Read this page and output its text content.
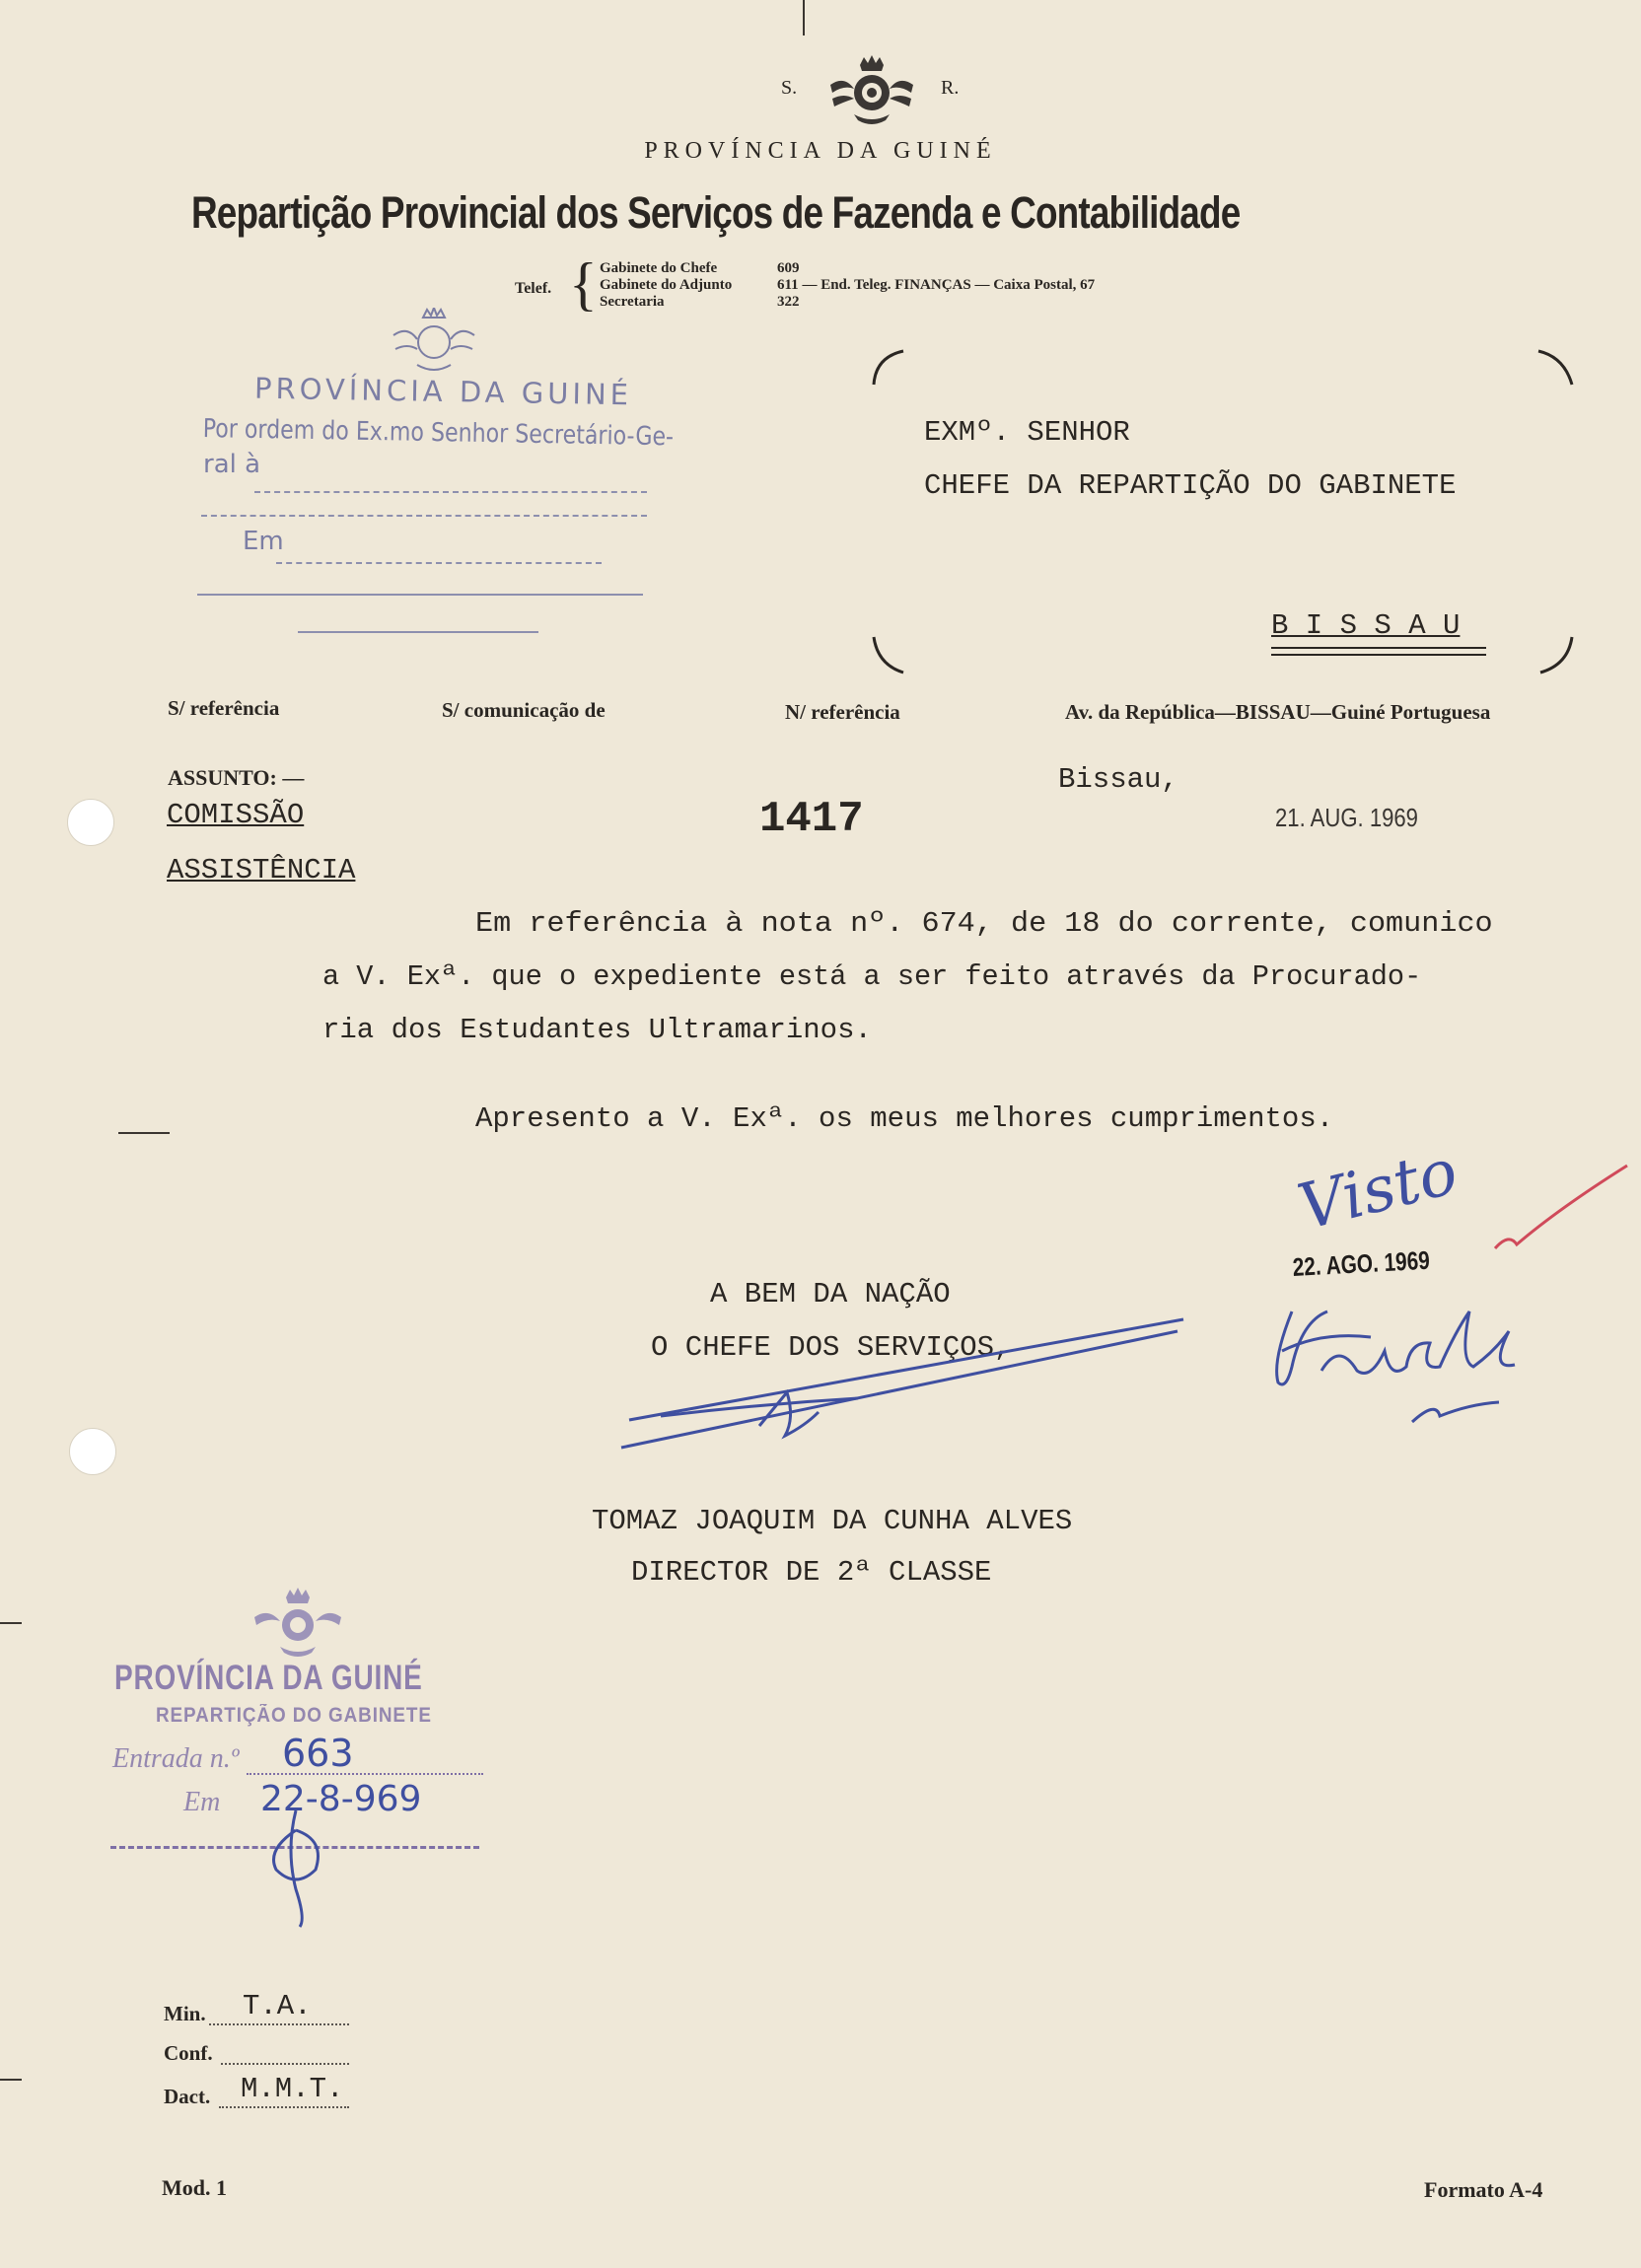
S.	R.
PROVÍNCIA DA GUINÉ
Repartição Provincial dos Serviços de Fazenda e Contabilidade
Telef. { Gabinete do Chefe	609
Gabinete do Adjunto	611 — End. Teleg. FINANÇAS — Caixa Postal, 67
Secretaria	322
PROVÍNCIA DA GUINÉ
Por ordem do Ex.mo Senhor Secretário-Ge-
ral à
Em
EXMº. SENHOR
CHEFE DA REPARTIÇÃO DO GABINETE
B I S S A U
S/ referência	S/ comunicação de	N/ referência	Av. da República—BISSAU—Guiné Portuguesa
ASSUNTO: —
COMISSÃO
ASSISTÊNCIA
1417
Bissau,
21. AUG. 1969
Em referência à nota nº. 674, de 18 do corrente, comunico
a V. Exª. que o expediente está a ser feito através da Procurado-
ria dos Estudantes Ultramarinos.
Apresento a V. Exª. os meus melhores cumprimentos.
Visto
22. AGO. 1969
A BEM DA NAÇÃO
O CHEFE DOS SERVIÇOS,
TOMAZ JOAQUIM DA CUNHA ALVES
DIRECTOR DE 2ª CLASSE
PROVÍNCIA DA GUINÉ
REPARTIÇÃO DO GABINETE
Entrada n.º 663
Em 22-8-969
Min. T.A.
Conf.
Dact. M.M.T.
Mod. 1	Formato A-4
